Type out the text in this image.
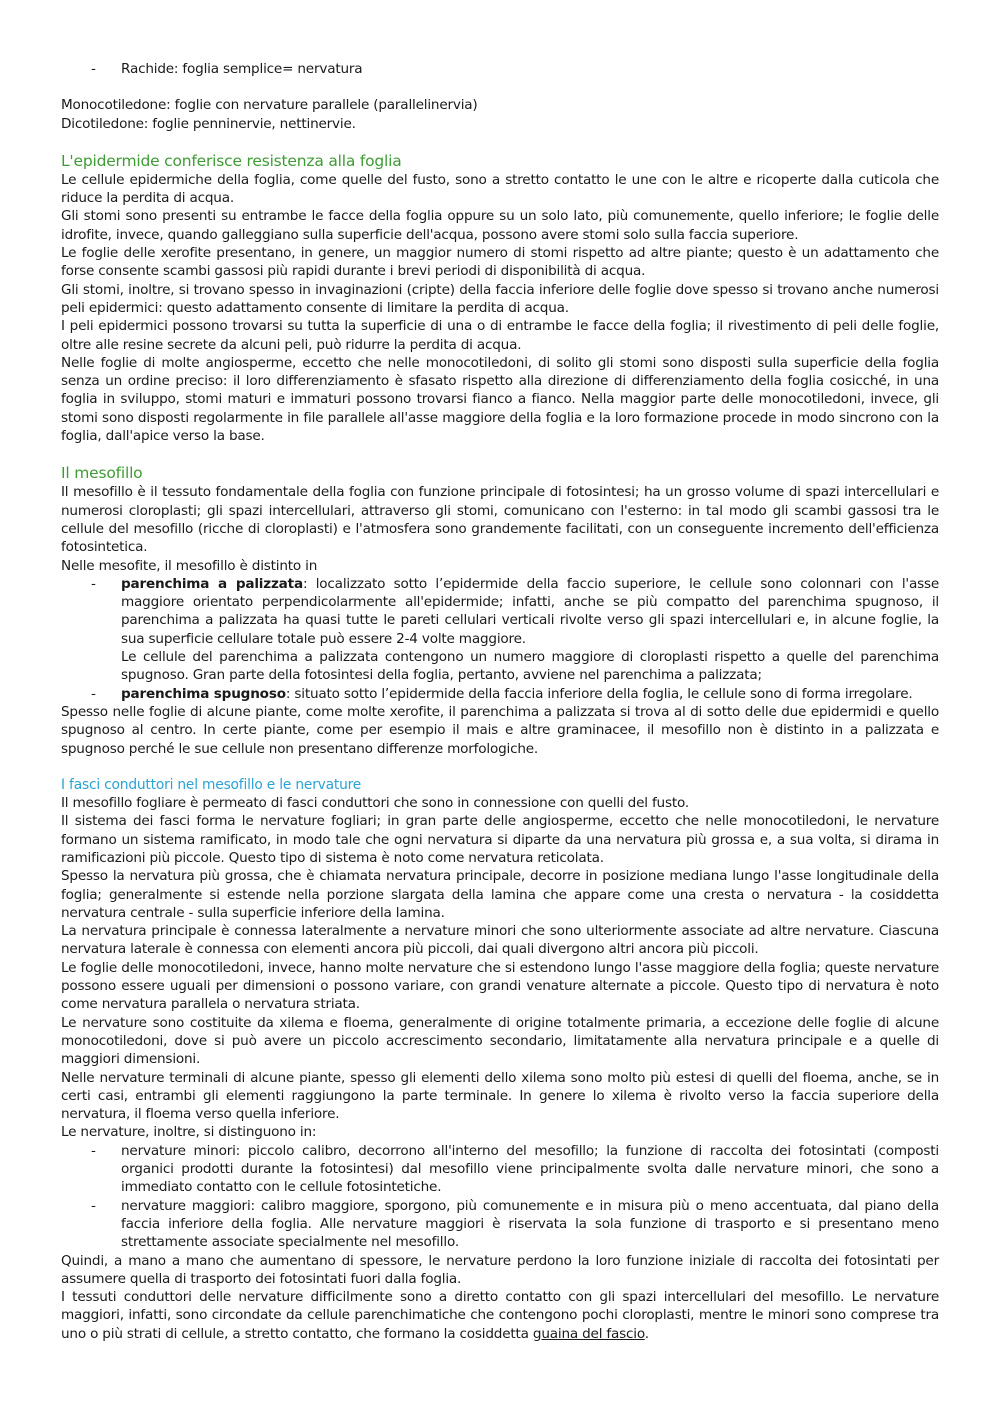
- Rachide: foglia semplice= nervatura

Monocotiledone: foglie con nervature parallele (parallelinervia)

Dicotiledone: foglie penninervie, nettinervie.

L'epidermide conferisce resistenza alla foglia

Le cellule epidermiche della foglia, come quelle del fusto, sono a stretto contatto le une con le altre e ricoperte dalla cuticola che riduce la perdita di acqua.

Gli stomi sono presenti su entrambe le facce della foglia oppure su un solo lato, più comunemente, quello inferiore; le foglie delle idrofite, invece, quando galleggiano sulla superficie dell'acqua, possono avere stomi solo sulla faccia superiore.

Le foglie delle xerofite presentano, in genere, un maggior numero di stomi rispetto ad altre piante; questo è un adattamento che forse consente scambi gassosi più rapidi durante i brevi periodi di disponibilità di acqua.

Gli stomi, inoltre, si trovano spesso in invaginazioni (cripte) della faccia inferiore delle foglie dove spesso si trovano anche numerosi peli epidermici: questo adattamento consente di limitare la perdita di acqua.

I peli epidermici possono trovarsi su tutta la superficie di una o di entrambe le facce della foglia; il rivestimento di peli delle foglie, oltre alle resine secrete da alcuni peli, può ridurre la perdita di acqua.

Nelle foglie di molte angiosperme, eccetto che nelle monocotiledoni, di solito gli stomi sono disposti sulla superficie della foglia senza un ordine preciso: il loro differenziamento è sfasato rispetto alla direzione di differenziamento della foglia cosicché, in una foglia in sviluppo, stomi maturi e immaturi possono trovarsi fianco a fianco. Nella maggior parte delle monocotiledoni, invece, gli stomi sono disposti regolarmente in file parallele all'asse maggiore della foglia e la loro formazione procede in modo sincrono con la foglia, dall'apice verso la base.

Il mesofillo

Il mesofillo è il tessuto fondamentale della foglia con funzione principale di fotosintesi; ha un grosso volume di spazi intercellulari e numerosi cloroplasti; gli spazi intercellulari, attraverso gli stomi, comunicano con l'esterno: in tal modo gli scambi gassosi tra le cellule del mesofillo (ricche di cloroplasti) e l'atmosfera sono grandemente facilitati, con un conseguente incremento dell'efficienza fotosintetica.

Nelle mesofite, il mesofillo è distinto in

- parenchima a palizzata: localizzato sotto l’epidermide della faccio superiore, le cellule sono colonnari con l'asse maggiore orientato perpendicolarmente all'epidermide; infatti, anche se più compatto del parenchima spugnoso, il parenchima a palizzata ha quasi tutte le pareti cellulari verticali rivolte verso gli spazi intercellulari e, in alcune foglie, la sua superficie cellulare totale può essere 2-4 volte maggiore.
Le cellule del parenchima a palizzata contengono un numero maggiore di cloroplasti rispetto a quelle del parenchima spugnoso. Gran parte della fotosintesi della foglia, pertanto, avviene nel parenchima a palizzata;
- parenchima spugnoso: situato sotto l’epidermide della faccia inferiore della foglia, le cellule sono di forma irregolare.

Spesso nelle foglie di alcune piante, come molte xerofite, il parenchima a palizzata si trova al di sotto delle due epidermidi e quello spugnoso al centro. In certe piante, come per esempio il mais e altre graminacee, il mesofillo non è distinto in a palizzata e spugnoso perché le sue cellule non presentano differenze morfologiche.

I fasci conduttori nel mesofillo e le nervature

Il mesofillo fogliare è permeato di fasci conduttori che sono in connessione con quelli del fusto.

Il sistema dei fasci forma le nervature fogliari; in gran parte delle angiosperme, eccetto che nelle monocotiledoni, le nervature formano un sistema ramificato, in modo tale che ogni nervatura si diparte da una nervatura più grossa e, a sua volta, si dirama in ramificazioni più piccole. Questo tipo di sistema è noto come nervatura reticolata.

Spesso la nervatura più grossa, che è chiamata nervatura principale, decorre in posizione mediana lungo l'asse longitudinale della foglia; generalmente si estende nella porzione slargata della lamina che appare come una cresta o nervatura - la cosiddetta nervatura centrale - sulla superficie inferiore della lamina.

La nervatura principale è connessa lateralmente a nervature minori che sono ulteriormente associate ad altre nervature. Ciascuna nervatura laterale è connessa con elementi ancora più piccoli, dai quali divergono altri ancora più piccoli.

Le foglie delle monocotiledoni, invece, hanno molte nervature che si estendono lungo l'asse maggiore della foglia; queste nervature possono essere uguali per dimensioni o possono variare, con grandi venature alternate a piccole. Questo tipo di nervatura è noto come nervatura parallela o nervatura striata.

Le nervature sono costituite da xilema e floema, generalmente di origine totalmente primaria, a eccezione delle foglie di alcune monocotiledoni, dove si può avere un piccolo accrescimento secondario, limitatamente alla nervatura principale e a quelle di maggiori dimensioni.

Nelle nervature terminali di alcune piante, spesso gli elementi dello xilema sono molto più estesi di quelli del floema, anche, se in certi casi, entrambi gli elementi raggiungono la parte terminale. In genere lo xilema è rivolto verso la faccia superiore della nervatura, il floema verso quella inferiore.

Le nervature, inoltre, si distinguono in:

- nervature minori: piccolo calibro, decorrono all'interno del mesofillo; la funzione di raccolta dei fotosintati (composti organici prodotti durante la fotosintesi) dal mesofillo viene principalmente svolta dalle nervature minori, che sono a immediato contatto con le cellule fotosintetiche.
- nervature maggiori: calibro maggiore, sporgono, più comunemente e in misura più o meno accentuata, dal piano della faccia inferiore della foglia. Alle nervature maggiori è riservata la sola funzione di trasporto e si presentano meno strettamente associate specialmente nel mesofillo.

Quindi, a mano a mano che aumentano di spessore, le nervature perdono la loro funzione iniziale di raccolta dei fotosintati per assumere quella di trasporto dei fotosintati fuori dalla foglia.

I tessuti conduttori delle nervature difficilmente sono a diretto contatto con gli spazi intercellulari del mesofillo. Le nervature maggiori, infatti, sono circondate da cellule parenchimatiche che contengono pochi cloroplasti, mentre le minori sono comprese tra uno o più strati di cellule, a stretto contatto, che formano la cosiddetta guaina del fascio.
